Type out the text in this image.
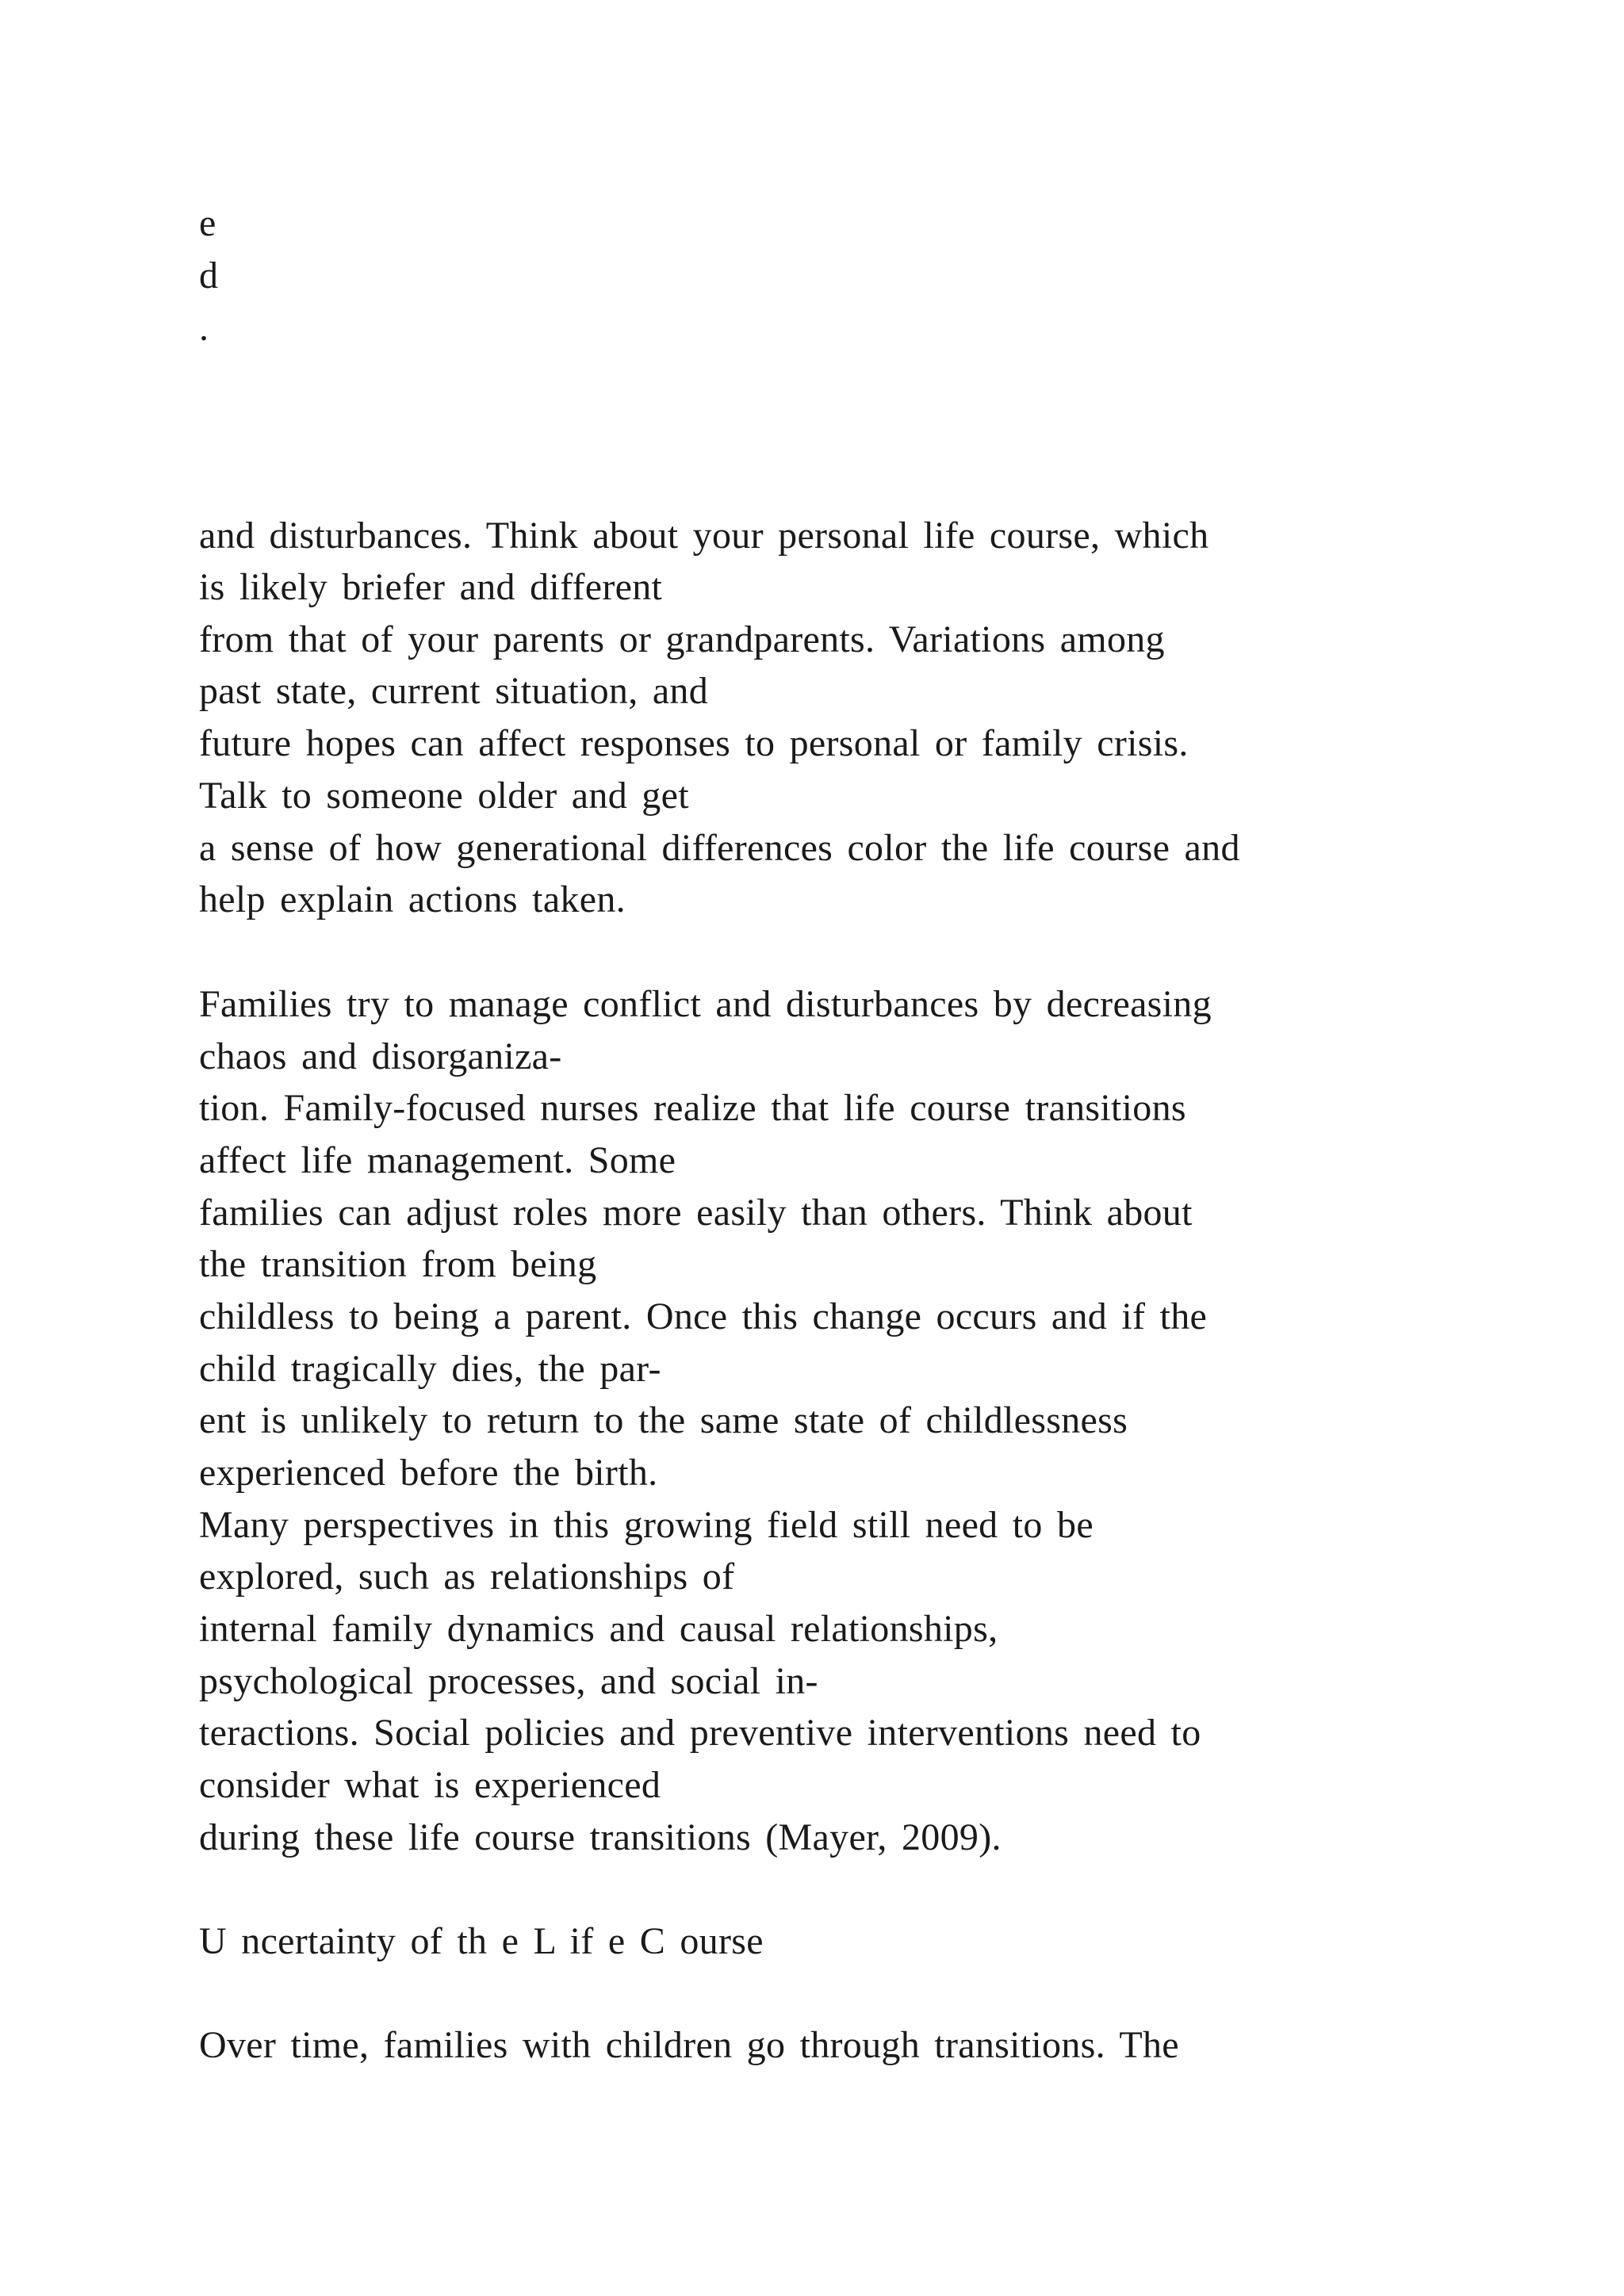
e
d
.
and disturbances. Think about your personal life course, which
is likely briefer and different
from that of your parents or grandparents. Variations among
past state, current situation, and
future hopes can affect responses to personal or family crisis.
Talk to someone older and get
a sense of how generational differences color the life course and
help explain actions taken.
Families try to manage conflict and disturbances by decreasing
chaos and disorganiza-
tion. Family-focused nurses realize that life course transitions
affect life management. Some
families can adjust roles more easily than others. Think about
the transition from being
childless to being a parent. Once this change occurs and if the
child tragically dies, the par-
ent is unlikely to return to the same state of childlessness
experienced before the birth.
Many perspectives in this growing field still need to be
explored, such as relationships of
internal family dynamics and causal relationships,
psychological processes, and social in-
teractions. Social policies and preventive interventions need to
consider what is experienced
during these life course transitions (Mayer, 2009).
U ncertainty of th e L if e C ourse
Over time, families with children go through transitions. The
